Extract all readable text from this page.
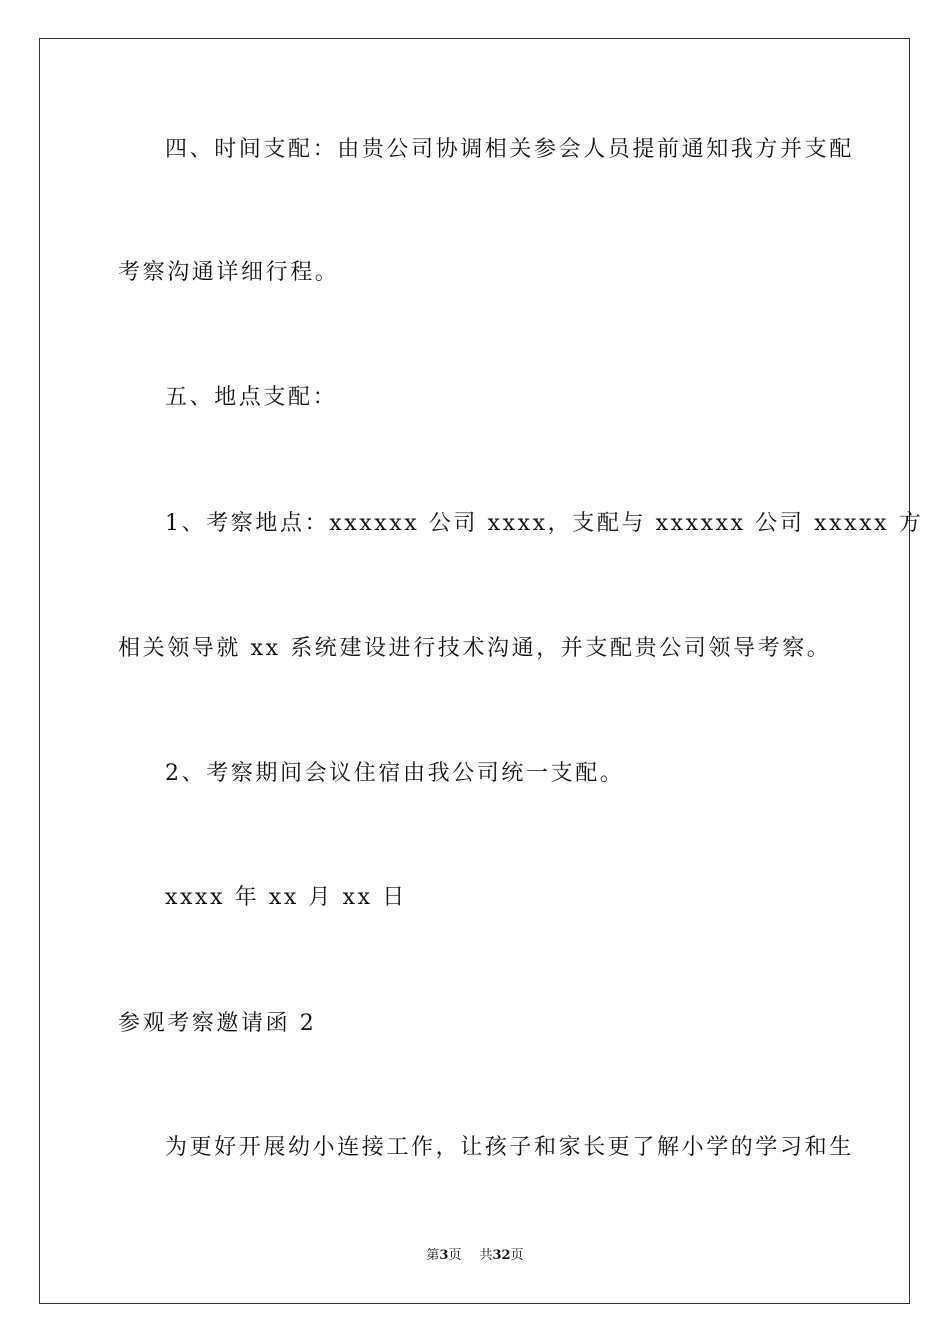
四、时间支配：由贵公司协调相关参会人员提前通知我方并支配
考察沟通详细行程。
五、地点支配：
1、考察地点：xxxxxx 公司 xxxx，支配与 xxxxxx 公司 xxxxx 方
相关领导就 xx 系统建设进行技术沟通，并支配贵公司领导考察。
2、考察期间会议住宿由我公司统一支配。
xxxx 年 xx 月 xx 日
参观考察邀请函 2
为更好开展幼小连接工作，让孩子和家长更了解小学的学习和生
第3页 共32页
